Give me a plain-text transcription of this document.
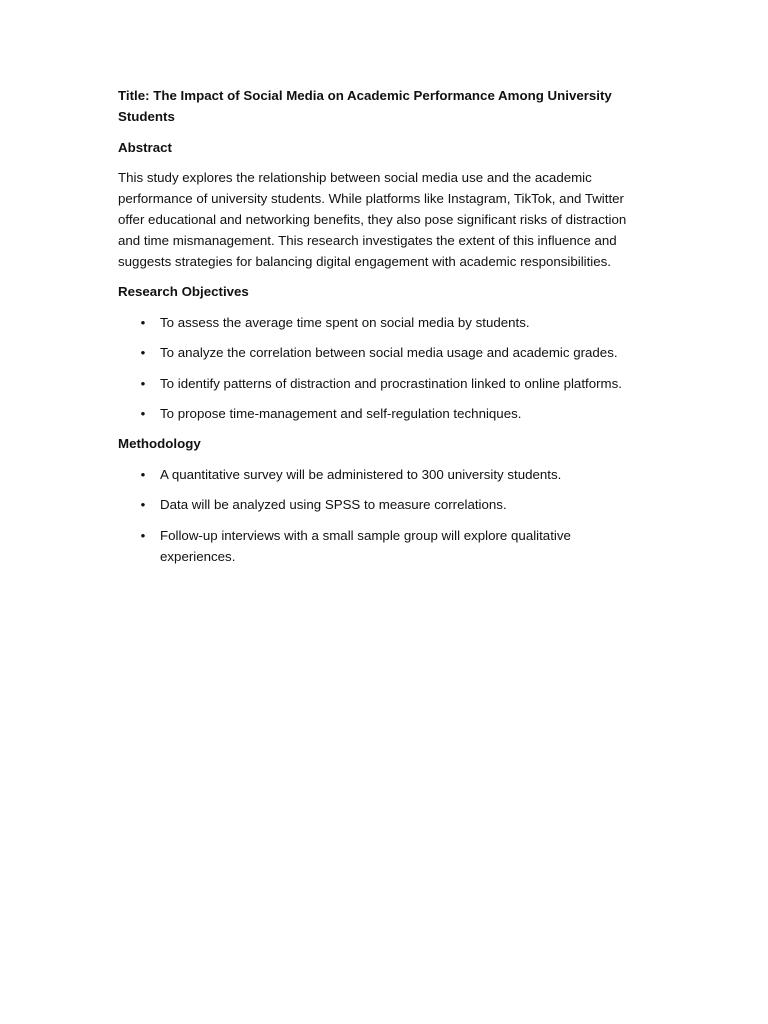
Title: The Impact of Social Media on Academic Performance Among University Students

Abstract

This study explores the relationship between social media use and the academic performance of university students. While platforms like Instagram, TikTok, and Twitter offer educational and networking benefits, they also pose significant risks of distraction and time mismanagement. This research investigates the extent of this influence and suggests strategies for balancing digital engagement with academic responsibilities.

Research Objectives

• To assess the average time spent on social media by students.
• To analyze the correlation between social media usage and academic grades.
• To identify patterns of distraction and procrastination linked to online platforms.
• To propose time-management and self-regulation techniques.

Methodology

• A quantitative survey will be administered to 300 university students.
• Data will be analyzed using SPSS to measure correlations.
• Follow-up interviews with a small sample group will explore qualitative experiences.
